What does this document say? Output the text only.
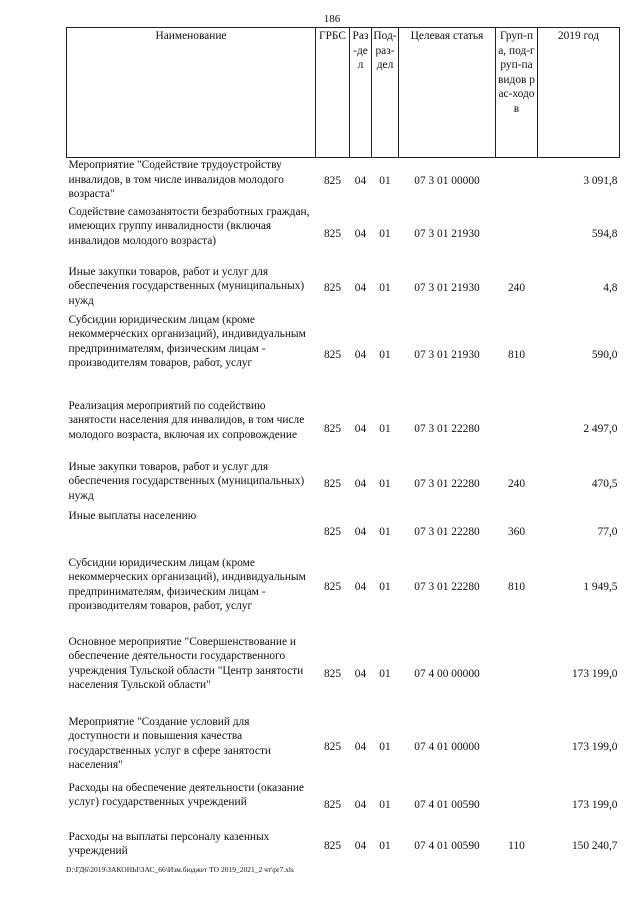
186
Наименование	ГРБС	Раз-дел	Под-раз-дел	Целевая статья	Груп-па, под-груп-па видов рас-ходов	2019 год
Мероприятие "Содействие трудоустройству инвалидов, в том числе инвалидов молодого возраста"	825	04	01	07 3 01 00000		3 091,8
Содействие самозанятости безработных граждан, имеющих группу инвалидности (включая инвалидов молодого возраста)	825	04	01	07 3 01 21930		594,8
Иные закупки товаров, работ и услуг для обеспечения государственных (муниципальных) нужд	825	04	01	07 3 01 21930	240	4,8
Субсидии юридическим лицам (кроме некоммерческих организаций), индивидуальным предпринимателям, физическим лицам - производителям товаров, работ, услуг	825	04	01	07 3 01 21930	810	590,0
Реализация мероприятий по содействию занятости населения для инвалидов, в том числе молодого возраста, включая их сопровождение	825	04	01	07 3 01 22280		2 497,0
Иные закупки товаров, работ и услуг для обеспечения государственных (муниципальных) нужд	825	04	01	07 3 01 22280	240	470,5
Иные выплаты населению	825	04	01	07 3 01 22280	360	77,0
Субсидии юридическим лицам (кроме некоммерческих организаций), индивидуальным предпринимателям, физическим лицам - производителям товаров, работ, услуг	825	04	01	07 3 01 22280	810	1 949,5
Основное мероприятие "Совершенствование и обеспечение деятельности государственного учреждения Тульской области "Центр занятости населения Тульской области"	825	04	01	07 4 00 00000		173 199,0
Мероприятие "Создание условий для доступности и повышения качества государственных услуг в сфере занятости населения"	825	04	01	07 4 01 00000		173 199,0
Расходы на обеспечение деятельности (оказание услуг) государственных учреждений	825	04	01	07 4 01 00590		173 199,0
Расходы на выплаты персоналу казенных учреждений	825	04	01	07 4 01 00590	110	150 240,7
D:\ГД6\2019\ЗАКОНЫ\ЗАС_66\Изм.бюджет ТО 2019_2021_2 чт\pr7.xls
